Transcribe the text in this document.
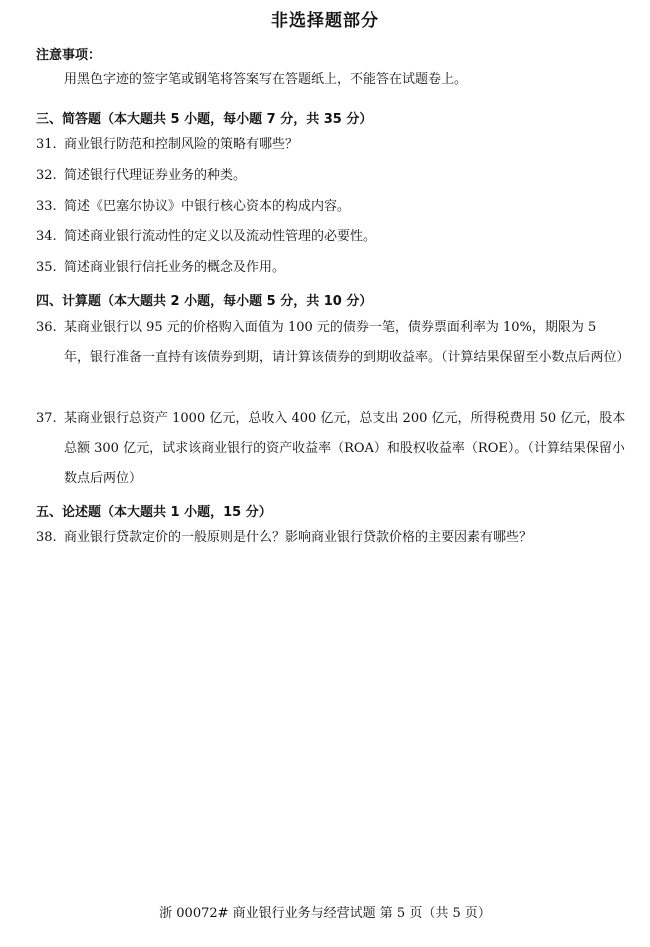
非选择题部分
注意事项：
用黑色字迹的签字笔或钢笔将答案写在答题纸上，不能答在试题卷上。
三、简答题（本大题共 5 小题，每小题 7 分，共 35 分）
31. 商业银行防范和控制风险的策略有哪些？
32. 简述银行代理证券业务的种类。
33. 简述《巴塞尔协议》中银行核心资本的构成内容。
34. 简述商业银行流动性的定义以及流动性管理的必要性。
35. 简述商业银行信托业务的概念及作用。
四、计算题（本大题共 2 小题，每小题 5 分，共 10 分）
36. 某商业银行以 95 元的价格购入面值为 100 元的债券一笔，债券票面利率为 10%，期限为 5 年，银行准备一直持有该债券到期，请计算该债券的到期收益率。（计算结果保留至小数点后两位）
37. 某商业银行总资产 1000 亿元，总收入 400 亿元，总支出 200 亿元，所得税费用 50 亿元，股本总额 300 亿元，试求该商业银行的资产收益率（ROA）和股权收益率（ROE）。（计算结果保留小数点后两位）
五、论述题（本大题共 1 小题，15 分）
38. 商业银行贷款定价的一般原则是什么？影响商业银行贷款价格的主要因素有哪些？
浙 00072# 商业银行业务与经营试题 第 5 页（共 5 页）
